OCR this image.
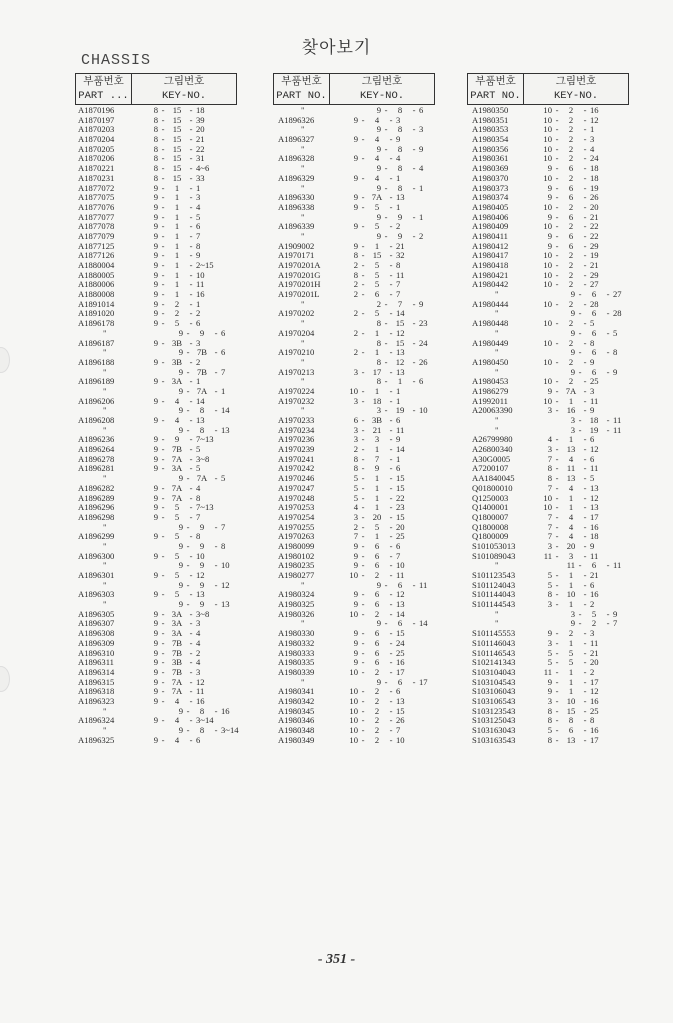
찾아보기
CHASSIS
부품번호
PART ...
그림번호
KEY-NO.
A1870196	8 - 15 - 18
A1870197	8 - 15 - 39
A1870203	8 - 15 - 20
A1870204	8 - 15 - 21
A1870205	8 - 15 - 22
A1870206	8 - 15 - 31
A1870221	8 - 15 - 4~6
A1870231	8 - 15 - 33
A1877072	9 -	1	- 1
A1877075	9 -	1	- 3
A1877076	9 -	1	- 4
A1877077	9 -	1	- 5
A1877078	9 -	1	- 6
A1877079	9 -	1	- 7
A1877125	9 -	1	- 8
A1877126	9 -	1	- 9
A1880004	9 -	1	- 2~15
A1880005	9 -	1	- 10
A1880006	9 -	1	- 11
A1880008	9 -	1	- 16
A1891014	9 -	2	- 1
A1891020	9 -	2	- 2
A1896178	9 -	5	- 6
"	9 -	9	- 6
A1896187	9 - 3B - 3
"	9 - 7B - 6
A1896188	9 - 3B - 2
"	9 - 7B - 7
A1896189	9 - 3A - 1
"	9 - 7A - 1
A1896206	9 -	4	- 14
"	9 -	8	- 14
A1896208	9 -	4	- 13
"	9 -	8	- 13
A1896236	9 -	9	- 7~13
A1896264	9 - 7B - 5
A1896278	9 - 7A - 3~8
A1896281	9 - 3A - 5
"	9 - 7A - 5
A1896282	9 - 7A - 4
A1896289	9 - 7A - 8
A1896296	9 -	5	- 7~13
A1896298	9 -	5	- 7
"	9 -	9	- 7
A1896299	9 -	5	- 8
"	9 -	9	- 8
A1896300	9 -	5	- 10
"	9 -	9	- 10
A1896301	9 -	5	- 12
"	9 -	9	- 12
A1896303	9 -	5	- 13
"	9 -	9	- 13
A1896305	9 - 3A - 3~8
A1896307	9 - 3A - 3
A1896308	9 - 3A - 4
A1896309	9 - 7B - 4
A1896310	9 - 7B - 2
A1896311	9 - 3B - 4
A1896314	9 - 7B - 3
A1896315	9 - 7A - 12
A1896318	9 - 7A - 11
A1896323	9 -	4	- 16
"	9 -	8	- 16
A1896324	9 -	4	- 3~14
"	9 -	8	- 3~14
A1896325	9 -	4	- 6
부품번호
PART NO.
그림번호
KEY-NO.
"	9 -	8	- 6
A1896326	9 -	4	- 3
"	9 -	8	- 3
A1896327	9 -	4	- 9
"	9 -	8	- 9
A1896328	9 -	4	- 4
"	9 -	8	- 4
A1896329	9 -	4	- 1
"	9 -	8	- 1
A1896330	9 - 7A - 13
A1896338	9 -	5	- 1
"	9 -	9	- 1
A1896339	9 -	5	- 2
"	9 -	9	- 2
A1909002	9 -	1	- 21
A1970171	8 - 15 - 32
A1970201A	2 -	5	- 8
A1970201G	8 -	5	- 11
A1970201H	2 -	5	- 7
A1970201L	2 -	6	- 7
"	2 -	7	- 9
A1970202	2 -	5	- 14
"	8 - 15 - 23
A1970204	2 -	1	- 12
"	8 - 15 - 24
A1970210	2 -	1	- 13
"	8 - 12 - 26
A1970213	3 - 17 - 13
"	8 -	1	- 6
A1970224	10 -	1	- 1
A1970232	3 - 18 - 1
"	3 - 19 - 10
A1970233	6 - 3B - 6
A1970234	3 - 21 - 11
A1970236	3 -	3	- 9
A1970239	2 -	1	- 14
A1970241	8 -	7	- 1
A1970242	8 -	9	- 6
A1970246	5 -	1	- 15
A1970247	5 -	1	- 15
A1970248	5 -	1	- 22
A1970253	4 -	1	- 23
A1970254	3 - 20 - 15
A1970255	2 -	5	- 20
A1970263	7 -	1	- 25
A1980099	9 -	6	- 6
A1980102	9 -	6	- 7
A1980235	9 -	6	- 10
A1980277	10 -	2	- 11
"	9 -	6	- 11
A1980324	9 -	6	- 12
A1980325	9 -	6	- 13
A1980326	10 -	2	- 14
"	9 -	6	- 14
A1980330	9 -	6	- 15
A1980332	9 -	6	- 24
A1980333	9 -	6	- 25
A1980335	9 -	6	- 16
A1980339	10 -	2	- 17
"	9 -	6	- 17
A1980341	10 -	2	- 6
A1980342	10 -	2	- 13
A1980345	10 -	2	- 15
A1980346	10 -	2	- 26
A1980348	10 -	2	- 7
A1980349	10 -	2	- 10
부품번호
PART NO.
그림번호
KEY-NO.
A1980350	10 -	2	- 16
A1980351	10 -	2	- 12
A1980353	10 -	2	- 1
A1980354	10 -	2	- 3
A1980356	10 -	2	- 4
A1980361	10 -	2	- 24
A1980369	9 -	6	- 18
A1980370	10 -	2	- 18
A1980373	9 -	6	- 19
A1980374	9 -	6	- 26
A1980405	10 -	2	- 20
A1980406	9 -	6	- 21
A1980409	10 -	2	- 22
A1980411	9 -	6	- 22
A1980412	9 -	6	- 29
A1980417	10 -	2	- 19
A1980418	10 -	2	- 21
A1980421	10 -	2	- 29
A1980442	10 -	2	- 27
"	9 -	6	- 27
A1980444	10 -	2	- 28
"	9 -	6	- 28
A1980448	10 -	2	- 5
"	9 -	6	- 5
A1980449	10 -	2	- 8
"	9 -	6	- 8
A1980450	10 -	2	- 9
"	9 -	6	- 9
A1980453	10 -	2	- 25
A1986279	9 - 7A - 3
A1992011	10 -	1	- 11
A20063390	3 - 16 - 9
"	3 - 18 - 11
"	3 - 19 - 11
A26799980	4 -	1	- 6
A26800340	3 - 13 - 12
A30G0005	7 -	4	- 6
A7200107	8 - 11 - 11
AA1840045	8 - 13 - 5
Q01800010	7 -	4	- 13
Q1250003	10 -	1	- 12
Q1400001	10 -	1	- 13
Q1800007	7 -	4	- 17
Q1800008	7 -	4	- 16
Q1800009	7 -	4	- 18
S101053013	3 - 20 - 9
S101089043	11 -	3	- 11
"	11 -	6	- 11
S101123543	5 -	1	- 21
S101124043	5 -	1	- 6
S101144043	8 - 10 - 16
S101144543	3 -	1	- 2
"	3 -	5	- 9
"	9 -	2	- 7
S101145553	9 -	2	- 3
S101146043	3 -	1	- 11
S101146543	5 -	5	- 21
S102141343	5 -	5	- 20
S103104043	11 -	1	- 2
S103104543	9 -	1	- 17
S103106043	9 -	1	- 12
S103106543	3 - 10 - 16
S103123543	8 - 15 - 25
S103125043	8 -	8	- 8
S103163043	5 -	6	- 16
S103163543	8 - 13 - 17
- 351 -
